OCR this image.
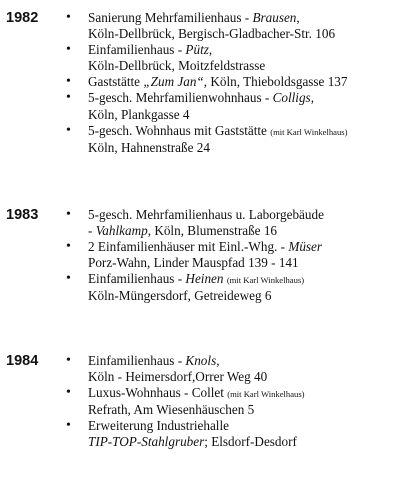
1982 • Sanierung Mehrfamilienhaus - Brausen,
Köln-Dellbrück, Bergisch-Gladbacher-Str. 106
• Einfamilienhaus - Pütz,
Köln-Dellbrück, Moitzfeldstrasse
• Gaststätte „Zum Jan“, Köln, Thieboldsgasse 137
• 5-gesch. Mehrfamilienwohnhaus - Colligs,
Köln, Plankgasse 4
• 5-gesch. Wohnhaus mit Gaststätte (mit Karl Winkelhaus)
Köln, Hahnenstraße 24
1983 • 5-gesch. Mehrfamilienhaus u. Laborgebäude
- Vahlkamp, Köln, Blumenstraße 16
• 2 Einfamilienhäuser mit Einl.-Whg. - Müser
Porz-Wahn, Linder Mauspfad 139 - 141
• Einfamilienhaus - Heinen (mit Karl Winkelhaus)
Köln-Müngersdorf, Getreideweg 6
1984 • Einfamilienhaus - Knols,
Köln - Heimersdorf,Orrer Weg 40
• Luxus-Wohnhaus - Collet (mit Karl Winkelhaus)
Refrath, Am Wiesenhäuschen 5
• Erweiterung Industriehalle
TIP-TOP-Stahlgruber; Elsdorf-Desdorf
